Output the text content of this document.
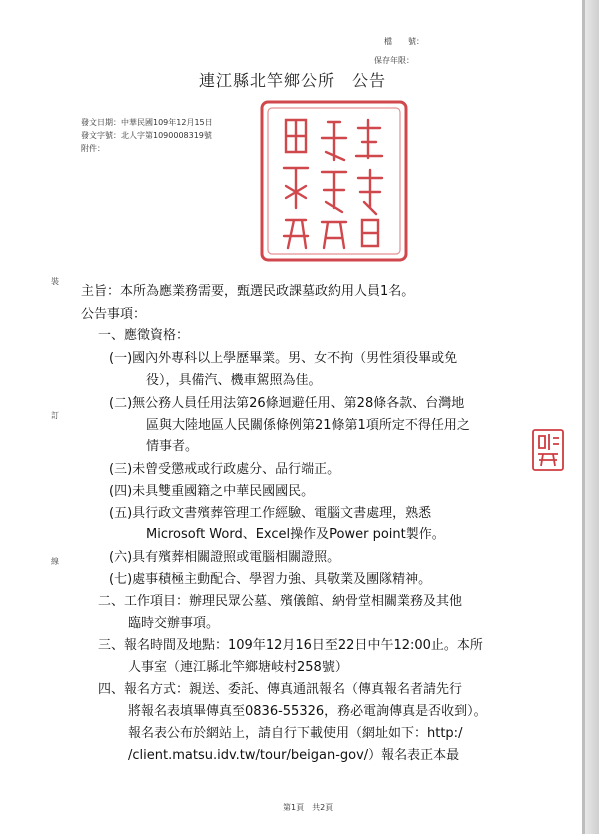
檔　　號：
保存年限：
連江縣北竿鄉公所　公告
發文日期：中華民國109年12月15日
發文字號：北人字第1090008319號
附件：
裝
訂
線
主旨：本所為應業務需要，甄選民政課墓政約用人員1名。
公告事項：
一、應徵資格：
(一)國內外專科以上學歷畢業。男、女不拘（男性須役畢或免
役），具備汽、機車駕照為佳。
(二)無公務人員任用法第26條迴避任用、第28條各款、台灣地
區與大陸地區人民關係條例第21條第1項所定不得任用之
情事者。
(三)未曾受懲戒或行政處分、品行端正。
(四)未具雙重國籍之中華民國國民。
(五)具行政文書殯葬管理工作經驗、電腦文書處理，熟悉
Microsoft Word、Excel操作及Power point製作。
(六)具有殯葬相關證照或電腦相關證照。
(七)處事積極主動配合、學習力強、具敬業及團隊精神。
二、工作項目：辦理民眾公墓、殯儀館、納骨堂相關業務及其他
臨時交辦事項。
三、報名時間及地點：109年12月16日至22日中午12:00止。本所
人事室（連江縣北竿鄉塘岐村258號）
四、報名方式：親送、委託、傳真通訊報名（傳真報名者請先行
將報名表填畢傳真至0836-55326，務必電詢傳真是否收到）。
報名表公布於網站上，請自行下載使用（網址如下：http:/
/client.matsu.idv.tw/tour/beigan-gov/）報名表正本最
第1頁　共2頁
